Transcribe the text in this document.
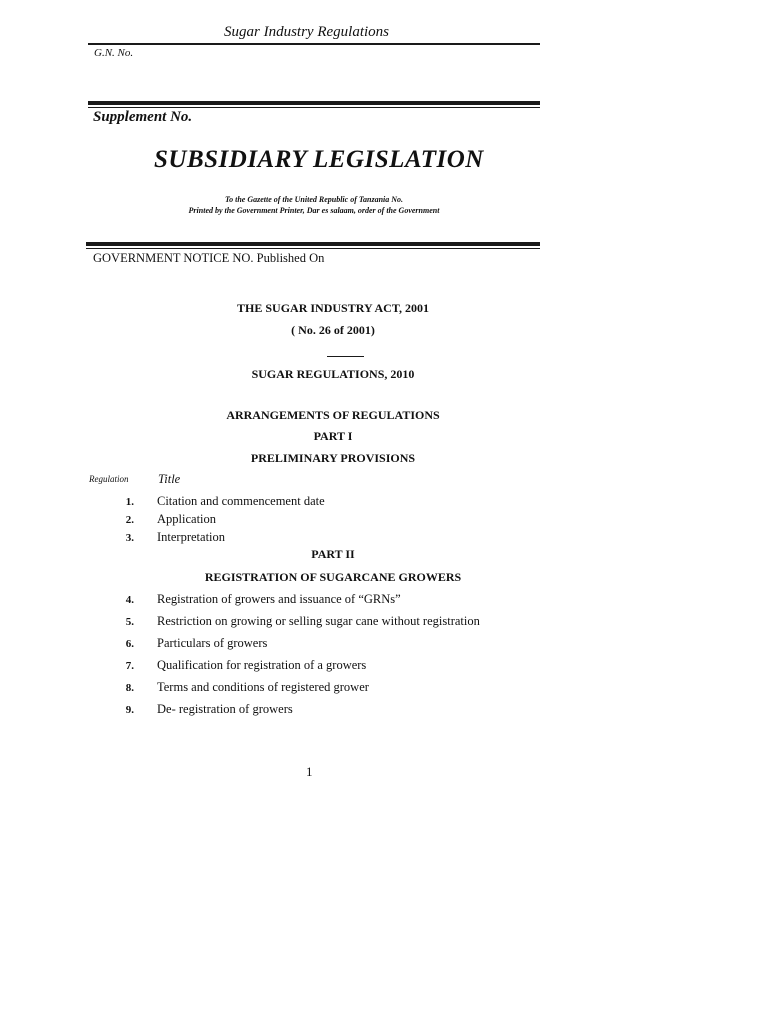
Sugar Industry Regulations
G.N. No.
Supplement No.
SUBSIDIARY LEGISLATION
To the Gazette of the United Republic of Tanzania No.
Printed by the Government Printer, Dar es salaam, order of the Government
GOVERNMENT NOTICE NO. Published On
THE SUGAR INDUSTRY ACT, 2001
( No. 26 of 2001)
SUGAR REGULATIONS, 2010
ARRANGEMENTS OF REGULATIONS
PART I
PRELIMINARY PROVISIONS
Regulation Title
1. Citation and commencement date
2. Application
3. Interpretation
PART II
REGISTRATION OF SUGARCANE GROWERS
4. Registration of growers and issuance of “GRNs”
5. Restriction on growing or selling sugar cane without registration
6. Particulars of growers
7. Qualification for registration of a growers
8. Terms and conditions of registered grower
9. De- registration of growers
1
